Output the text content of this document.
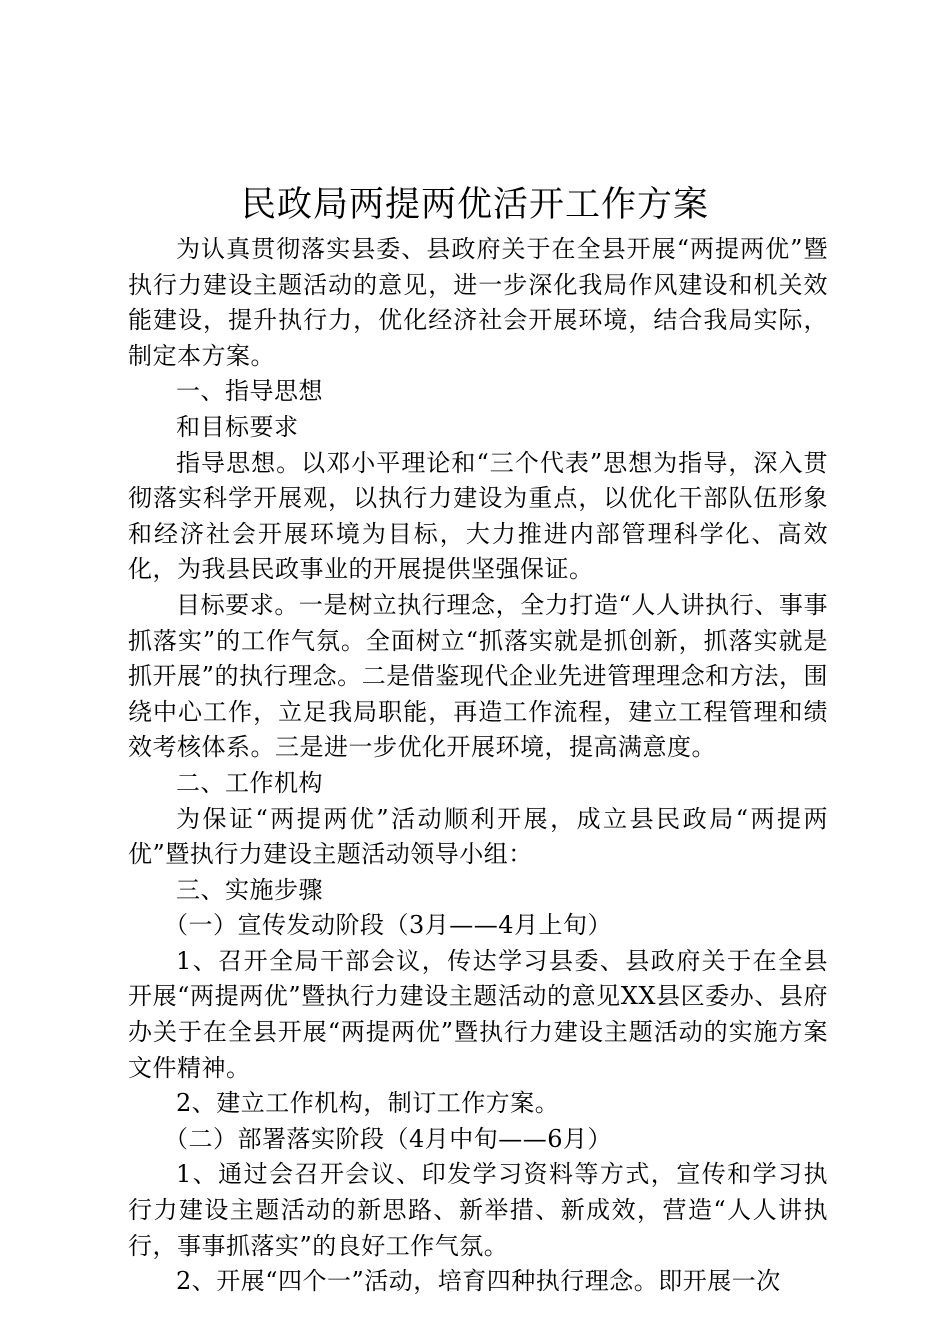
民政局两提两优活开工作方案

为认真贯彻落实县委、县政府关于在全县开展“两提两优”暨执行力建设主题活动的意见，进一步深化我局作风建设和机关效能建设，提升执行力，优化经济社会开展环境，结合我局实际，制定本方案。

一、指导思想

和目标要求

指导思想。以邓小平理论和“三个代表”思想为指导，深入贯彻落实科学开展观，以执行力建设为重点，以优化干部队伍形象和经济社会开展环境为目标，大力推进内部管理科学化、高效化，为我县民政事业的开展提供坚强保证。

目标要求。一是树立执行理念，全力打造“人人讲执行、事事抓落实”的工作气氛。全面树立“抓落实就是抓创新，抓落实就是抓开展”的执行理念。二是借鉴现代企业先进管理理念和方法，围绕中心工作，立足我局职能，再造工作流程，建立工程管理和绩效考核体系。三是进一步优化开展环境，提高满意度。

二、工作机构

为保证“两提两优”活动顺利开展，成立县民政局“两提两优”暨执行力建设主题活动领导小组：

三、实施步骤

（一）宣传发动阶段（3月——4月上旬）

1、召开全局干部会议，传达学习县委、县政府关于在全县开展“两提两优”暨执行力建设主题活动的意见XX县区委办、县府办关于在全县开展“两提两优”暨执行力建设主题活动的实施方案文件精神。

2、建立工作机构，制订工作方案。

（二）部署落实阶段（4月中旬——6月）

1、通过会召开会议、印发学习资料等方式，宣传和学习执行力建设主题活动的新思路、新举措、新成效，营造“人人讲执行，事事抓落实”的良好工作气氛。

2、开展“四个一”活动，培育四种执行理念。即开展一次
